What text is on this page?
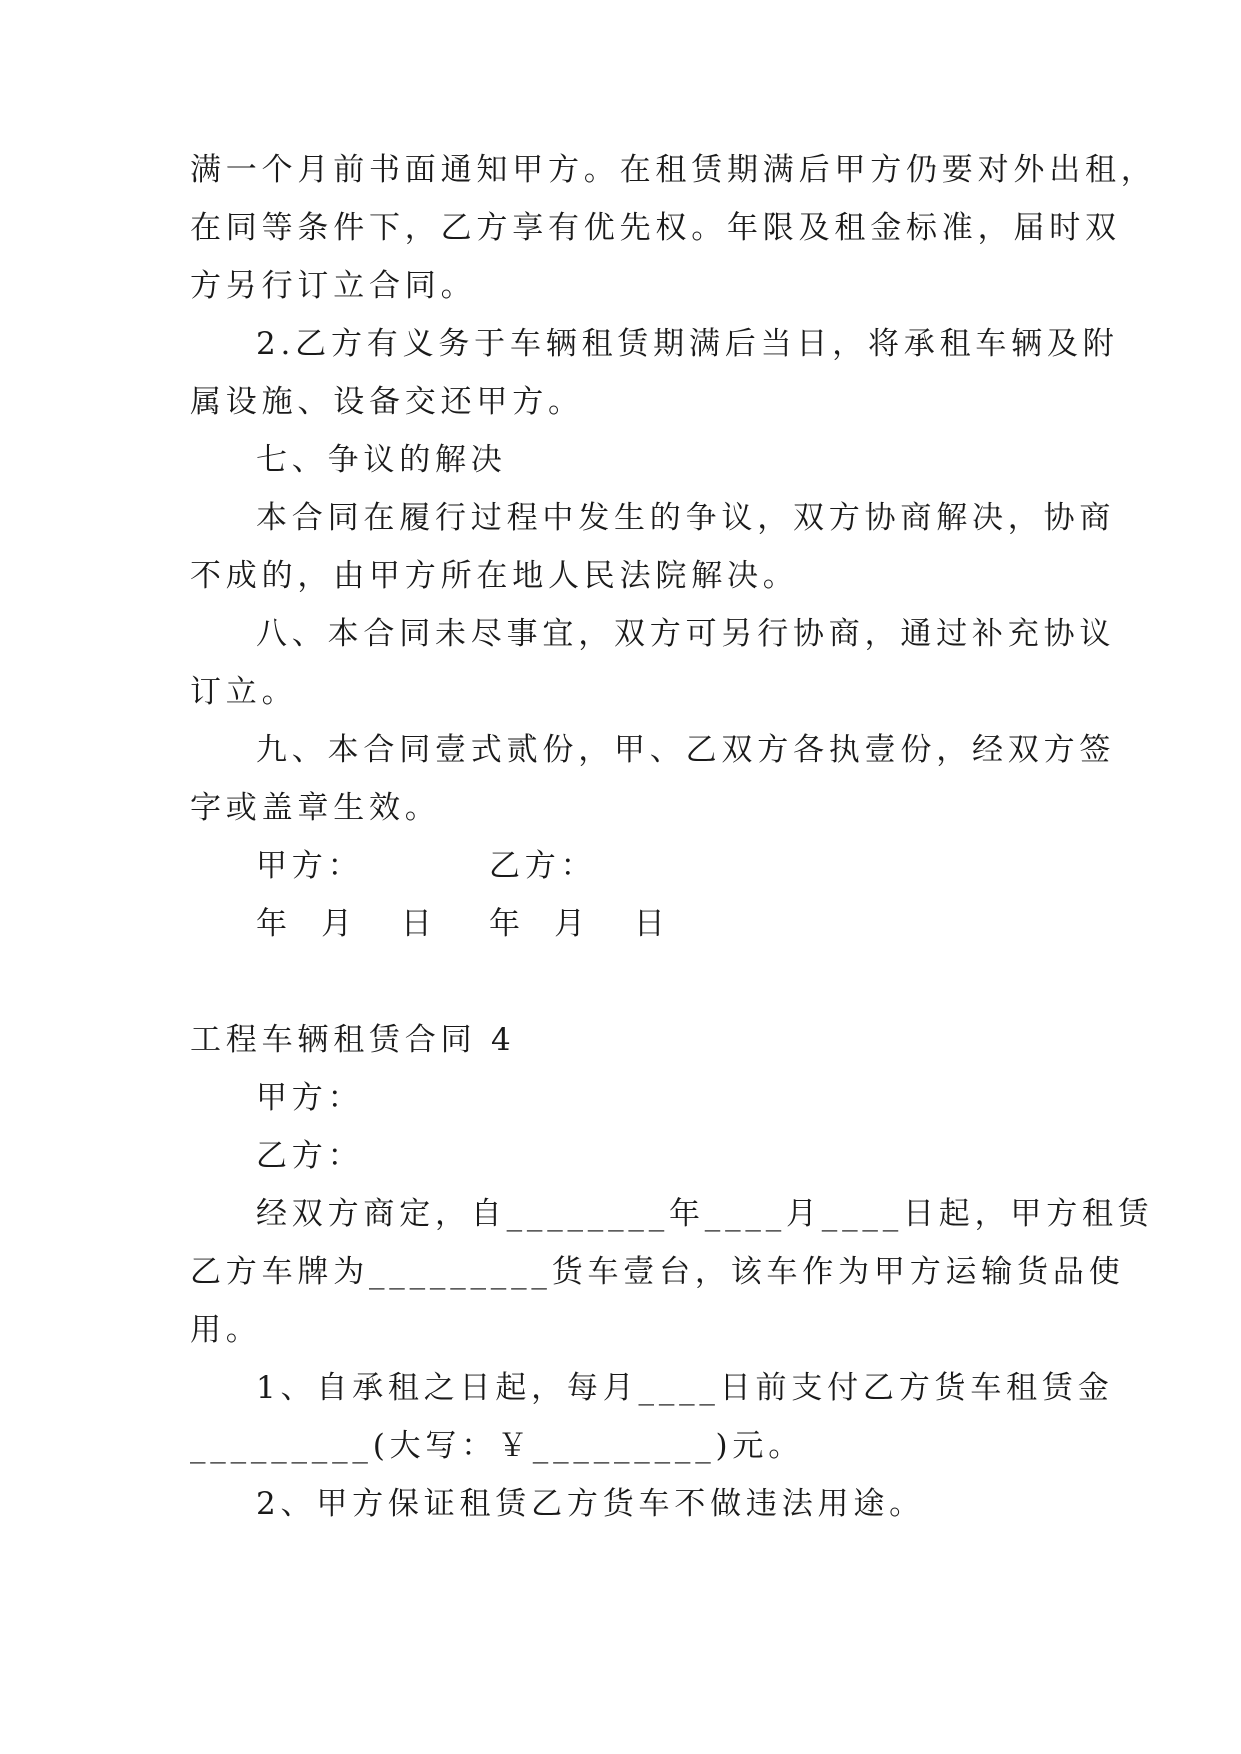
满一个月前书面通知甲方。在租赁期满后甲方仍要对外出租，
在同等条件下，乙方享有优先权。年限及租金标准，届时双
方另行订立合同。
2.乙方有义务于车辆租赁期满后当日，将承租车辆及附
属设施、设备交还甲方。
七、争议的解决
本合同在履行过程中发生的争议，双方协商解决，协商
不成的，由甲方所在地人民法院解决。
八、本合同未尽事宜，双方可另行协商，通过补充协议
订立。
九、本合同壹式贰份，甲、乙双方各执壹份，经双方签
字或盖章生效。
甲方：	乙方：
年  月   日 年  月   日
工程车辆租赁合同 4
甲方：
乙方：
经双方商定，自________年____月____日起，甲方租赁
乙方车牌为_________货车壹台，该车作为甲方运输货品使
用。
1、自承租之日起，每月____日前支付乙方货车租赁金
_________(大写：￥_________)元。
2、甲方保证租赁乙方货车不做违法用途。
